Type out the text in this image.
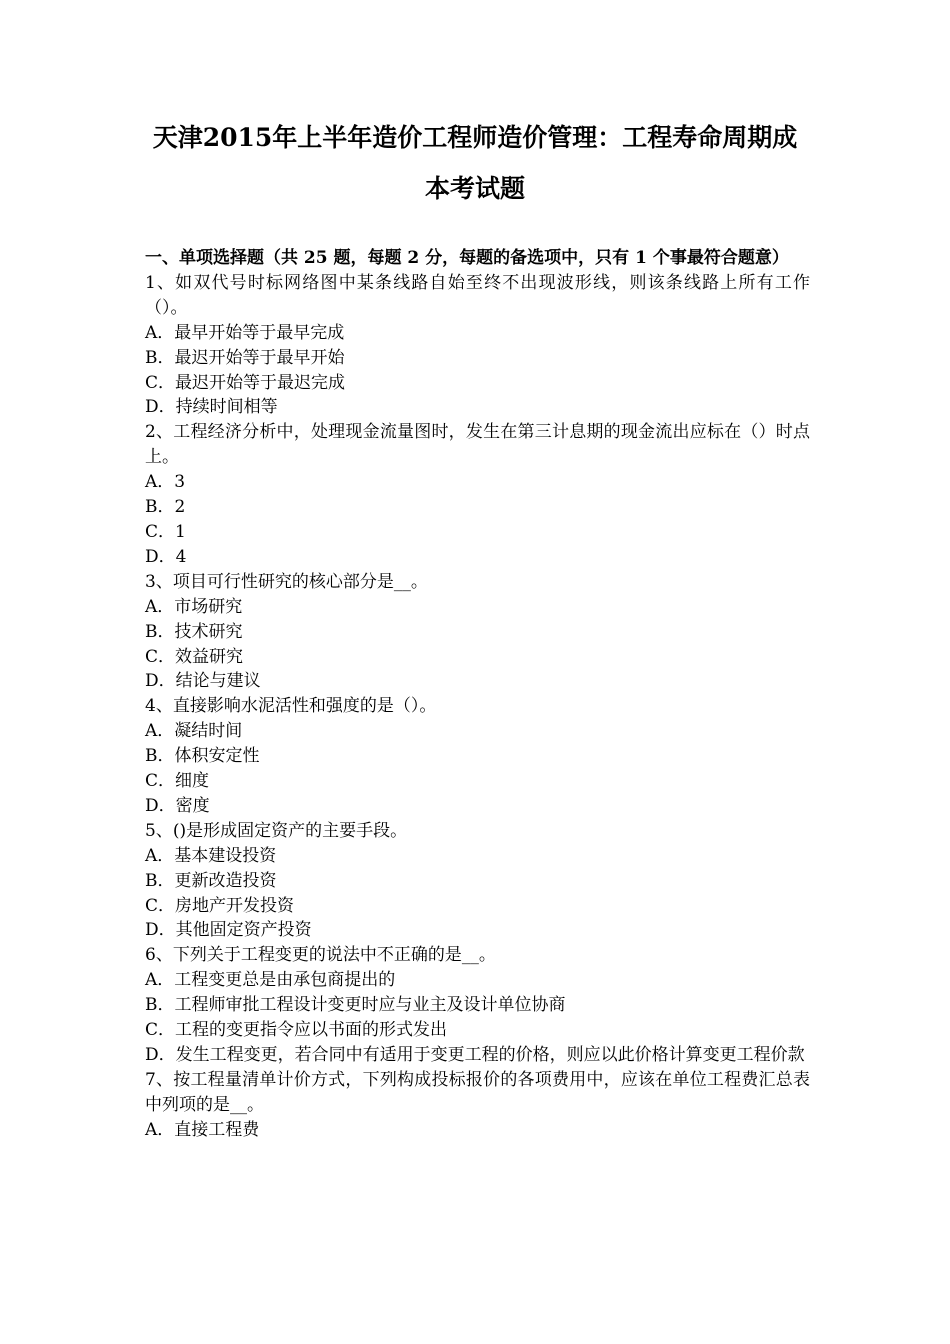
天津2015年上半年造价工程师造价管理：工程寿命周期成
本考试题
一、单项选择题（共 25 题，每题 2 分，每题的备选项中，只有 1 个事最符合题意）
1、如双代号时标网络图中某条线路自始至终不出现波形线，则该条线路上所有工作（）。
A．最早开始等于最早完成
B．最迟开始等于最早开始
C．最迟开始等于最迟完成
D．持续时间相等
2、工程经济分析中，处理现金流量图时，发生在第三计息期的现金流出应标在（）时点上。
A．3
B．2
C．1
D．4
3、项目可行性研究的核心部分是__。
A．市场研究
B．技术研究
C．效益研究
D．结论与建议
4、直接影响水泥活性和强度的是（）。
A．凝结时间
B．体积安定性
C．细度
D．密度
5、()是形成固定资产的主要手段。
A．基本建设投资
B．更新改造投资
C．房地产开发投资
D．其他固定资产投资
6、下列关于工程变更的说法中不正确的是__。
A．工程变更总是由承包商提出的
B．工程师审批工程设计变更时应与业主及设计单位协商
C．工程的变更指令应以书面的形式发出
D．发生工程变更，若合同中有适用于变更工程的价格，则应以此价格计算变更工程价款
7、按工程量清单计价方式，下列构成投标报价的各项费用中，应该在单位工程费汇总表中列项的是__。
A．直接工程费
